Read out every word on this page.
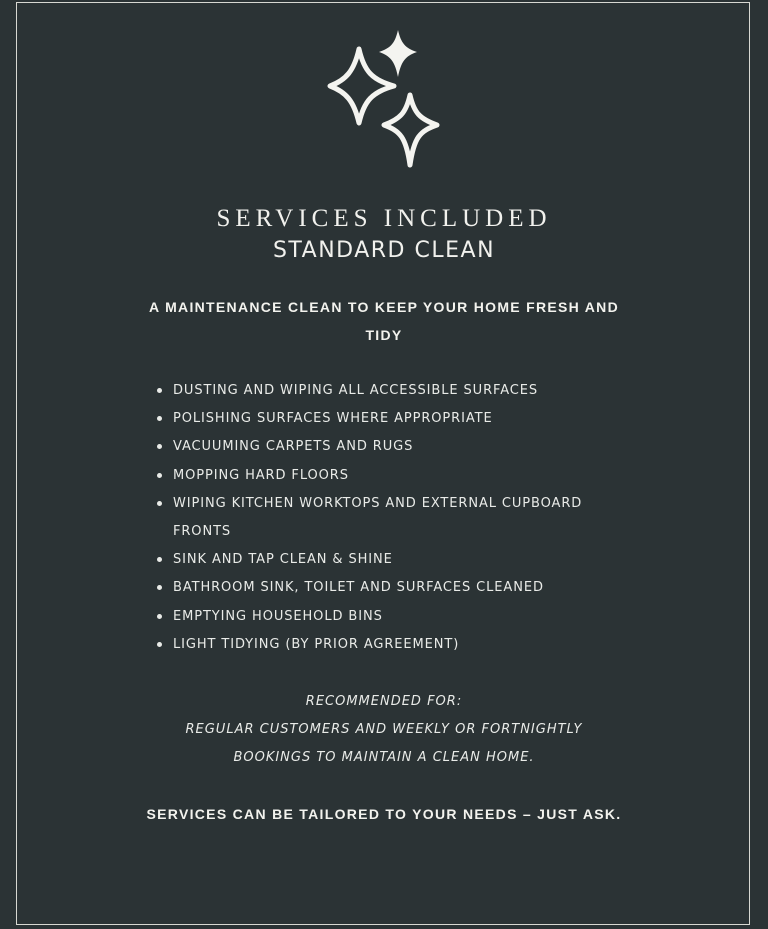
SERVICES INCLUDED
STANDARD CLEAN
A MAINTENANCE CLEAN TO KEEP YOUR HOME FRESH AND TIDY
DUSTING AND WIPING ALL ACCESSIBLE SURFACES
POLISHING SURFACES WHERE APPROPRIATE
VACUUMING CARPETS AND RUGS
MOPPING HARD FLOORS
WIPING KITCHEN WORKTOPS AND EXTERNAL CUPBOARD FRONTS
SINK AND TAP CLEAN & SHINE
BATHROOM SINK, TOILET AND SURFACES CLEANED
EMPTYING HOUSEHOLD BINS
LIGHT TIDYING (BY PRIOR AGREEMENT)
RECOMMENDED FOR:
REGULAR CUSTOMERS AND WEEKLY OR FORTNIGHTLY
BOOKINGS TO MAINTAIN A CLEAN HOME.
SERVICES CAN BE TAILORED TO YOUR NEEDS – JUST ASK.
